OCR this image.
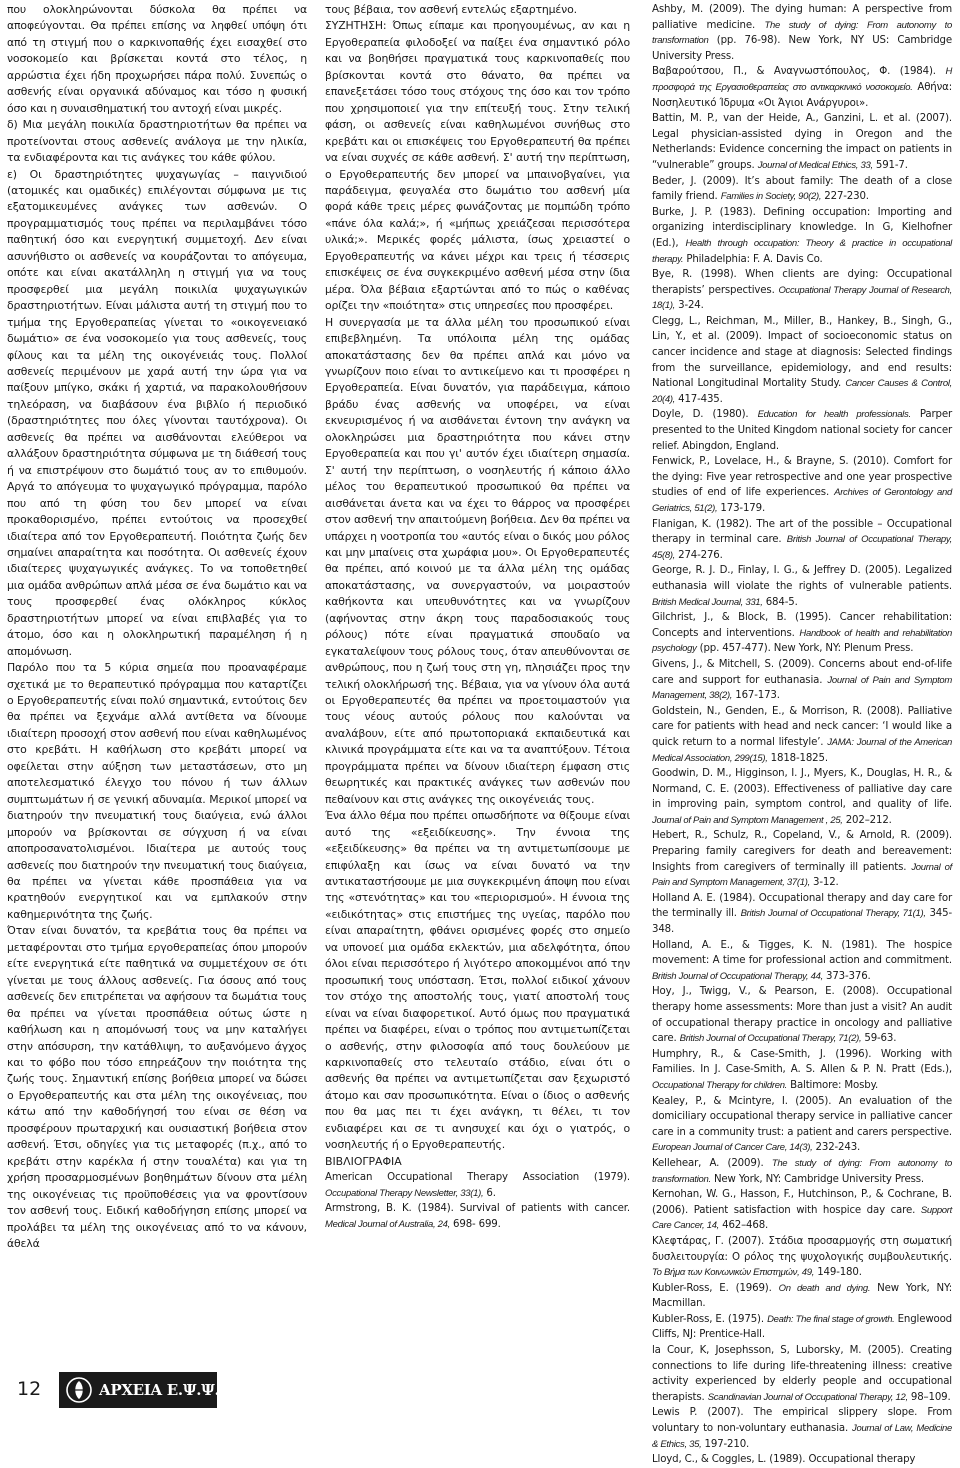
που ολοκληρώνονται δύσκολα θα πρέπει να αποφεύγονται. Θα πρέπει επίσης να ληφθεί υπόψη ότι από τη στιγμή που ο καρκινοπαθής έχει εισαχθεί στο νοσοκομείο και βρίσκεται κοντά στο τέλος, η αρρώστια έχει ήδη προχωρήσει πάρα πολύ. Συνεπώς ο ασθενής είναι οργανικά αδύναμος και τόσο η φυσική όσο και η συναισθηματική του αντοχή είναι μικρές.
δ) Μια μεγάλη ποικιλία δραστηριοτήτων θα πρέπει να προτείνονται στους ασθενείς ανάλογα με την ηλικία, τα ενδιαφέροντα και τις ανάγκες του κάθε φύλου.
ε) Οι δραστηριότητες ψυχαγωγίας – παιγνιδιού (ατομικές και ομαδικές) επιλέγονται σύμφωνα με τις εξατομικευμένες ανάγκες των ασθενών. Ο προγραμματισμός τους πρέπει να περιλαμβάνει τόσο παθητική όσο και ενεργητική συμμετοχή. Δεν είναι ασυνήθιστο οι ασθενείς να κουράζονται το απόγευμα, οπότε και είναι ακατάλληλη η στιγμή για να τους προσφερθεί μια μεγάλη ποικιλία ψυχαγωγικών δραστηριοτήτων. Είναι μάλιστα αυτή τη στιγμή που το τμήμα της Εργοθεραπείας γίνεται το «οικογενειακό δωμάτιο» σε ένα νοσοκομείο για τους ασθενείς, τους φίλους και τα μέλη της οικογένειάς τους. Πολλοί ασθενείς περιμένουν με χαρά αυτή την ώρα για να παίξουν μπίγκο, σκάκι ή χαρτιά, να παρακολουθήσουν τηλεόραση, να διαβάσουν ένα βιβλίο ή περιοδικό (δραστηριότητες που όλες γίνονται ταυτόχρονα). Οι ασθενείς θα πρέπει να αισθάνονται ελεύθεροι να αλλάξουν δραστηριότητα σύμφωνα με τη διάθεσή τους ή να επιστρέψουν στο δωμάτιό τους αν το επιθυμούν. Αργά το απόγευμα το ψυχαγωγικό πρόγραμμα, παρόλο που από τη φύση του δεν μπορεί να είναι προκαθορισμένο, πρέπει εντούτοις να προσεχθεί ιδιαίτερα από τον Εργοθεραπευτή. Ποιότητα ζωής δεν σημαίνει απαραίτητα και ποσότητα. Οι ασθενείς έχουν ιδιαίτερες ψυχαγωγικές ανάγκες. Το να τοποθετηθεί μια ομάδα ανθρώπων απλά μέσα σε ένα δωμάτιο και να τους προσφερθεί ένας ολόκληρος κύκλος δραστηριοτήτων μπορεί να είναι επιβλαβές για το άτομο, όσο και η ολοκληρωτική παραμέληση ή η απομόνωση.
Παρόλο που τα 5 κύρια σημεία που προαναφέραμε σχετικά με το θεραπευτικό πρόγραμμα που καταρτίζει ο Εργοθεραπευτής είναι πολύ σημαντικά, εντούτοις δεν θα πρέπει να ξεχνάμε αλλά αντίθετα να δίνουμε ιδιαίτερη προσοχή στον ασθενή που είναι καθηλωμένος στο κρεβάτι. Η καθήλωση στο κρεβάτι μπορεί να οφείλεται στην αύξηση των μεταστάσεων, στο μη αποτελεσματικό έλεγχο του πόνου ή των άλλων συμπτωμάτων ή σε γενική αδυναμία. Μερικοί μπορεί να διατηρούν την πνευματική τους διαύγεια, ενώ άλλοι μπορούν να βρίσκονται σε σύγχυση ή να είναι αποπροσανατολισμένοι. Ιδιαίτερα με αυτούς τους ασθενείς που διατηρούν την πνευματική τους διαύγεια, θα πρέπει να γίνεται κάθε προσπάθεια για να κρατηθούν ενεργητικοί και να εμπλακούν στην καθημερινότητα της ζωής.
Όταν είναι δυνατόν, τα κρεβάτια τους θα πρέπει να μεταφέρονται στο τμήμα εργοθεραπείας όπου μπορούν είτε ενεργητικά είτε παθητικά να συμμετέχουν σε ότι γίνεται με τους άλλους ασθενείς. Για όσους από τους ασθενείς δεν επιτρέπεται να αφήσουν τα δωμάτια τους θα πρέπει να γίνεται προσπάθεια ούτως ώστε η καθήλωση και η απομόνωσή τους να μην καταλήγει στην απόσυρση, την κατάθλιψη, το αυξανόμενο άγχος και το φόβο που τόσο επηρεάζουν την ποιότητα της ζωής τους. Σημαντική επίσης βοήθεια μπορεί να δώσει ο Εργοθεραπευτής και στα μέλη της οικογένειας, που κάτω από την καθοδήγησή του είναι σε θέση να προσφέρουν πρωταρχική και ουσιαστική βοήθεια στον ασθενή. Έτσι, οδηγίες για τις μεταφορές (π.χ., από το κρεβάτι στην καρέκλα ή στην τουαλέτα) και για τη χρήση προσαρμοσμένων βοηθημάτων δίνουν στα μέλη της οικογένειας τις προϋποθέσεις για να φροντίσουν τον ασθενή τους. Ειδική καθοδήγηση επίσης μπορεί να προλάβει τα μέλη της οικογένειας από το να κάνουν, άθελά
τους βέβαια, τον ασθενή εντελώς εξαρτημένο.
ΣΥΖΗΤΗΣΗ: Όπως είπαμε και προηγουμένως, αν και η Εργοθεραπεία φιλοδοξεί να παίξει ένα σημαντικό ρόλο και να βοηθήσει πραγματικά τους καρκινοπαθείς που βρίσκονται κοντά στο θάνατο, θα πρέπει να επανεξετάσει τόσο τους στόχους της όσο και τον τρόπο που χρησιμοποιεί για την επίτευξή τους. Στην τελική φάση, οι ασθενείς είναι καθηλωμένοι συνήθως στο κρεβάτι και οι επισκέψεις του Εργοθεραπευτή θα πρέπει να είναι συχνές σε κάθε ασθενή. Σ' αυτή την περίπτωση, ο Εργοθεραπευτής δεν μπορεί να μπαινοβγαίνει, για παράδειγμα, φευγαλέα στο δωμάτιο του ασθενή μία φορά κάθε τρεις μέρες φωνάζοντας με πομπώδη τρόπο «πάνε όλα καλά;», ή «μήπως χρειάζεσαι περισσότερα υλικά;». Μερικές φορές μάλιστα, ίσως χρειαστεί ο Εργοθεραπευτής να κάνει μέχρι και τρεις ή τέσσερις επισκέψεις σε ένα συγκεκριμένο ασθενή μέσα στην ίδια μέρα. Όλα βέβαια εξαρτώνται από το πώς ο καθένας ορίζει την «ποιότητα» στις υπηρεσίες που προσφέρει.
Η συνεργασία με τα άλλα μέλη του προσωπικού είναι επιβεβλημένη. Τα υπόλοιπα μέλη της ομάδας αποκατάστασης δεν θα πρέπει απλά και μόνο να γνωρίζουν ποιο είναι το αντικείμενο και τι προσφέρει η Εργοθεραπεία. Είναι δυνατόν, για παράδειγμα, κάποιο βράδυ ένας ασθενής να υποφέρει, να είναι εκνευρισμένος ή να αισθάνεται έντονη την ανάγκη να ολοκληρώσει μια δραστηριότητα που κάνει στην Εργοθεραπεία και που γι' αυτόν έχει ιδιαίτερη σημασία. Σ' αυτή την περίπτωση, ο νοσηλευτής ή κάποιο άλλο μέλος του θεραπευτικού προσωπικού θα πρέπει να αισθάνεται άνετα και να έχει το θάρρος να προσφέρει στον ασθενή την απαιτούμενη βοήθεια. Δεν θα πρέπει να υπάρχει η νοοτροπία του «αυτός είναι ο δικός μου ρόλος και μην μπαίνεις στα χωράφια μου». Οι Εργοθεραπευτές θα πρέπει, από κοινού με τα άλλα μέλη της ομάδας αποκατάστασης, να συνεργαστούν, να μοιραστούν καθήκοντα και υπευθυνότητες και να γνωρίζουν (αφήνοντας στην άκρη τους παραδοσιακούς τους ρόλους) πότε είναι πραγματικά σπουδαίο να εγκαταλείψουν τους ρόλους τους, όταν απευθύνονται σε ανθρώπους, που η ζωή τους στη γη, πλησιάζει προς την τελική ολοκλήρωσή της. Βέβαια, για να γίνουν όλα αυτά οι Εργοθεραπευτές θα πρέπει να προετοιμαστούν για τους νέους αυτούς ρόλους που καλούνται να αναλάβουν, είτε από πρωτοποριακά εκπαιδευτικά και κλινικά προγράμματα είτε και να τα αναπτύξουν. Τέτοια προγράμματα πρέπει να δίνουν ιδιαίτερη έμφαση στις θεωρητικές και πρακτικές ανάγκες των ασθενών που πεθαίνουν και στις ανάγκες της οικογένειάς τους.
Ένα άλλο θέμα που πρέπει οπωσδήποτε να θίξουμε είναι αυτό της «εξειδίκευσης». Την έννοια της «εξειδίκευσης» θα πρέπει να τη αντιμετωπίσουμε με επιφύλαξη και ίσως να είναι δυνατό να την αντικαταστήσουμε με μια συγκεκριμένη άποψη που είναι της «στενότητας» και του «περιορισμού». Η έννοια της «ειδικότητας» στις επιστήμες της υγείας, παρόλο που είναι απαραίτητη, φθάνει ορισμένες φορές στο σημείο να υπονοεί μια ομάδα εκλεκτών, μια αδελφότητα, όπου όλοι είναι περισσότερο ή λιγότερο αποκομμένοι από την προσωπική τους υπόσταση. Έτσι, πολλοί ειδικοί χάνουν τον στόχο της αποστολής τους, γιατί αποστολή τους είναι να είναι διαφορετικοί. Αυτό όμως που πραγματικά πρέπει να διαφέρει, είναι ο τρόπος που αντιμετωπίζεται ο ασθενής, στην φιλοσοφία από τους δουλεύουν με καρκινοπαθείς στο τελευταίο στάδιο, είναι ότι ο ασθενής θα πρέπει να αντιμετωπίζεται σαν ξεχωριστό άτομο και σαν προσωπικότητα. Είναι ο ίδιος ο ασθενής που θα μας πει τι έχει ανάγκη, τι θέλει, τι τον ενδιαφέρει και σε τι ανησυχεί και όχι ο γιατρός, ο νοσηλευτής ή ο Εργοθεραπευτής.
ΒΙΒΛΙΟΓΡΑΦΙΑ
American Occupational Therapy Association (1979). Occupational Therapy Newsletter, 33(1), 6.
Armstrong, B. K. (1984). Survival of patients with cancer. Medical Journal of Australia, 24, 698- 699.
Ashby, M. (2009). The dying human: A perspective from palliative medicine. The study of dying: From autonomy to transformation (pp. 76-98). New York, NY US: Cambridge University Press.
Βαβαρούτσου, Π., & Αναγνωστόπουλος, Φ. (1984). Η προσφορά της Εργασιοθεραπείας στο αντικαρκινικό νοσοκομείο. Αθήνα: Νοσηλευτικό Ίδρυμα «Οι Άγιοι Ανάργυροι».
Battin, M. P., van der Heide, A., Ganzini, L. et al. (2007). Legal physician-assisted dying in Oregon and the Netherlands: Evidence concerning the impact on patients in “vulnerable” groups. Journal of Medical Ethics, 33, 591-7.
Beder, J. (2009). It’s about family: The death of a close family friend. Families in Society, 90(2), 227-230.
Burke, J. P. (1983). Defining occupation: Importing and organizing interdisciplinary knowledge. In G, Kielhofner (Ed.), Health through occupation: Theory & practice in occupational therapy. Philadelphia: F. A. Davis Co.
Bye, R. (1998). When clients are dying: Occupational therapists’ perspectives. Occupational Therapy Journal of Research, 18(1), 3-24.
Clegg, L., Reichman, M., Miller, B., Hankey, B., Singh, G., Lin, Y., et al. (2009). Impact of socioeconomic status on cancer incidence and stage at diagnosis: Selected findings from the surveillance, epidemiology, and end results: National Longitudinal Mortality Study. Cancer Causes & Control, 20(4), 417-435.
Doyle, D. (1980). Education for health professionals. Parper presented to the United Kingdom national society for cancer relief. Abingdon, England.
Fenwick, P., Lovelace, H., & Brayne, S. (2010). Comfort for the dying: Five year retrospective and one year prospective studies of end of life experiences. Archives of Gerontology and Geriatrics, 51(2), 173-179.
Flanigan, K. (1982). The art of the possible – Occupational therapy in terminal care. British Journal of Occupational Therapy, 45(8), 274-276.
George, R. J. D., Finlay, I. G., & Jeffrey D. (2005). Legalized euthanasia will violate the rights of vulnerable patients. British Medical Journal, 331, 684-5.
Gilchrist, J., & Block, B. (1995). Cancer rehabilitation: Concepts and interventions. Handbook of health and rehabilitation psychology (pp. 457-477). New York, NY: Plenum Press.
Givens, J., & Mitchell, S. (2009). Concerns about end-of-life care and support for euthanasia. Journal of Pain and Symptom Management, 38(2), 167-173.
Goldstein, N., Genden, E., & Morrison, R. (2008). Palliative care for patients with head and neck cancer: ‘I would like a quick return to a normal lifestyle’. JAMA: Journal of the American Medical Association, 299(15), 1818-1825.
Goodwin, D. M., Higginson, I. J., Myers, K., Douglas, H. R., & Normand, C. E. (2003). Effectiveness of palliative day care in improving pain, symptom control, and quality of life. Journal of Pain and Symptom Management , 25, 202–212.
Hebert, R., Schulz, R., Copeland, V., & Arnold, R. (2009). Preparing family caregivers for death and bereavement: Insights from caregivers of terminally ill patients. Journal of Pain and Symptom Management, 37(1), 3-12.
Holland A. E. (1984). Occupational therapy and day care for the terminally ill. British Journal of Occupational Therapy, 71(1), 345-348.
Holland, A. E., & Tigges, K. N. (1981). The hospice movement: A time for professional action and commitment. British Journal of Occupational Therapy, 44, 373-376.
Hoy, J., Twigg, V., & Pearson, E. (2008). Occupational therapy home assessments: More than just a visit? An audit of occupational therapy practice in oncology and palliative care. British Journal of Occupational Therapy, 71(2), 59-63.
Humphry, R., & Case-Smith, J. (1996). Working with Families. In J. Case-Smith, A. S. Allen & P. N. Pratt (Eds.), Occupational Therapy for children. Baltimore: Mosby.
Kealey, P., & Mcintyre, I. (2005). An evaluation of the domiciliary occupational therapy service in palliative cancer care in a community trust: a patient and carers perspective. European Journal of Cancer Care, 14(3), 232-243.
Kellehear, A. (2009). The study of dying: From autonomy to transformation. New York, NY: Cambridge University Press.
Kernohan, W. G., Hasson, F., Hutchinson, P., & Cochrane, B. (2006). Patient satisfaction with hospice day care. Support Care Cancer, 14, 462–468.
Κλεφτάρας, Γ. (2007). Στάδια προσαρμογής στη σωματική δυσλειτουργία: Ο ρόλος της ψυχολογικής συμβουλευτικής. Το Βήμα των Κοινωνικών Επιστημών, 49, 149-180.
Kubler-Ross, E. (1969). On death and dying. New York, NY: Macmillan.
Kubler-Ross, E. (1975). Death: The final stage of growth. Englewood Cliffs, NJ: Prentice-Hall.
la Cour, K, Josephsson, S, Luborsky, M. (2005). Creating connections to life during life-threatening illness: creative activity experienced by elderly people and occupational therapists. Scandinavian Journal of Occupational Therapy, 12, 98–109.
Lewis P. (2007). The empirical slippery slope. From voluntary to non-voluntary euthanasia. Journal of Law, Medicine & Ethics, 35, 197-210.
Lloyd, C., & Coggles, L. (1989). Occupational therapy
12	ΑΡΧΕΙΑ Ε.Ψ.Ψ.Ε.Π.
